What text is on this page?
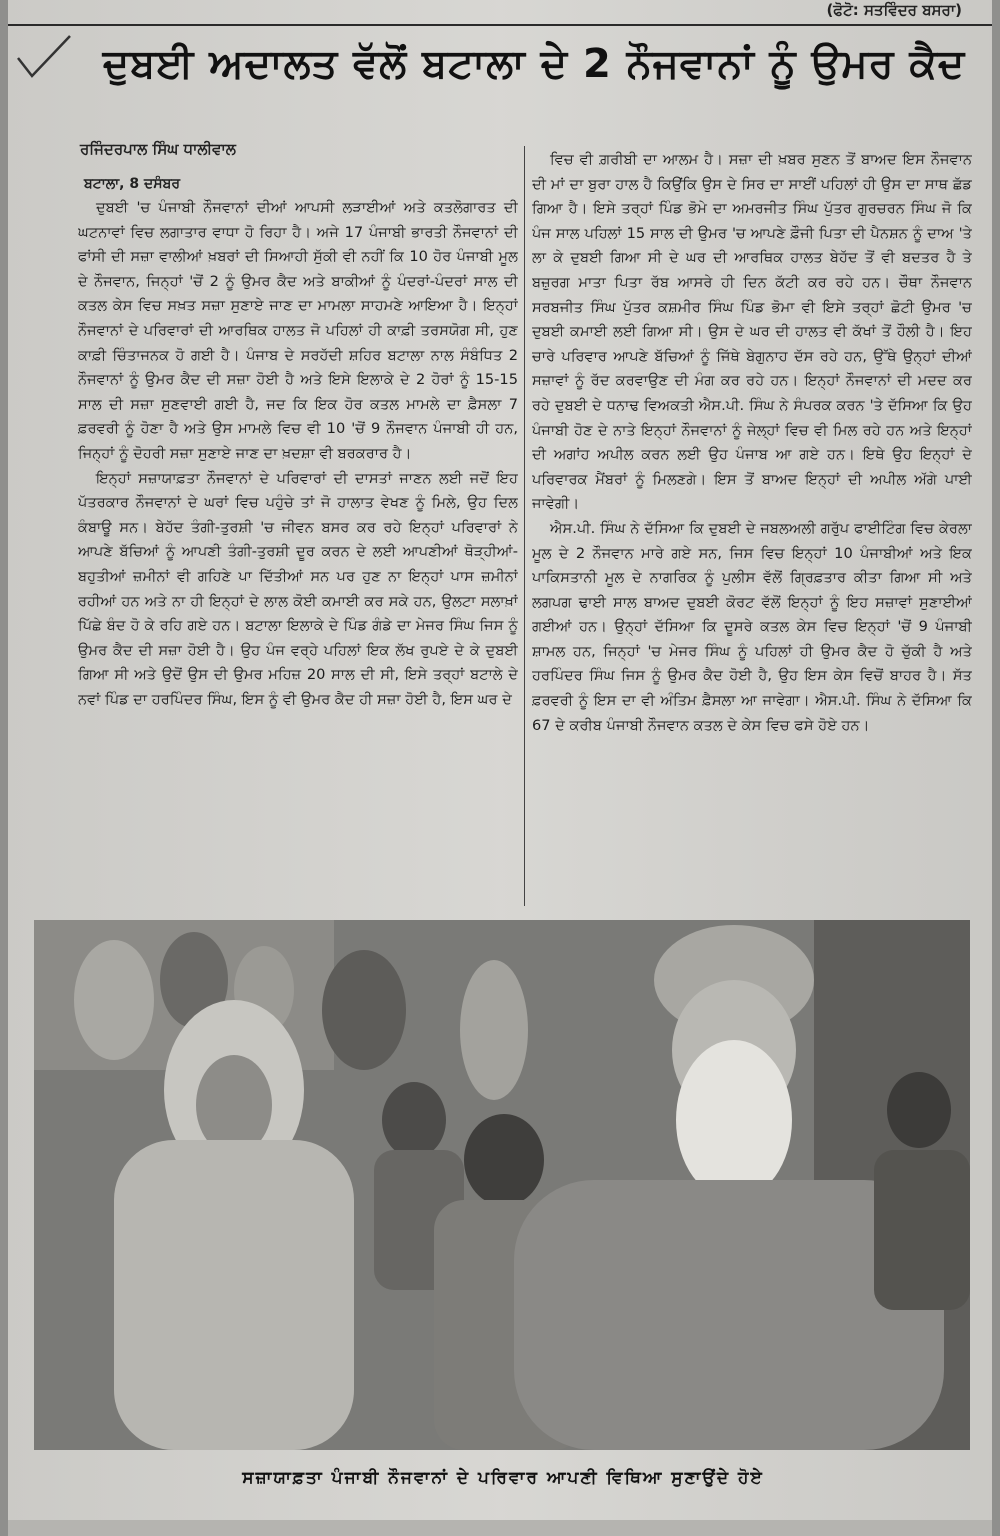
(ਫੋਟੋ: ਸਤਵਿੰਦਰ ਬਸਰਾ)
ਦੁਬਈ ਅਦਾਲਤ ਵੱਲੋਂ ਬਟਾਲਾ ਦੇ 2 ਨੌਜਵਾਨਾਂ ਨੂੰ ਉਮਰ ਕੈਦ
ਰਜਿੰਦਰਪਾਲ ਸਿੰਘ ਧਾਲੀਵਾਲ
ਬਟਾਲਾ, 8 ਦਸੰਬਰ

ਦੁਬਈ 'ਚ ਪੰਜਾਬੀ ਨੌਜਵਾਨਾਂ ਦੀਆਂ ਆਪਸੀ ਲੜਾਈਆਂ ਅਤੇ ਕਤਲੋਗਾਰਤ ਦੀ ਘਟਨਾਵਾਂ ਵਿਚ ਲਗਾਤਾਰ ਵਾਧਾ ਹੋ ਰਿਹਾ ਹੈ। ਅਜੇ 17 ਪੰਜਾਬੀ ਭਾਰਤੀ ਨੌਜਵਾਨਾਂ ਦੀ ਫਾਂਸੀ ਦੀ ਸਜ਼ਾ ਵਾਲੀਆਂ ਖ਼ਬਰਾਂ ਦੀ ਸਿਆਹੀ ਸੁੱਕੀ ਵੀ ਨਹੀਂ ਕਿ 10 ਹੋਰ ਪੰਜਾਬੀ ਮੂਲ ਦੇ ਨੌਜਵਾਨ, ਜਿਨ੍ਹਾਂ 'ਚੋਂ 2 ਨੂੰ ਉਮਰ ਕੈਦ ਅਤੇ ਬਾਕੀਆਂ ਨੂੰ ਪੰਦਰਾਂ-ਪੰਦਰਾਂ ਸਾਲ ਦੀ ਕਤਲ ਕੇਸ ਵਿਚ ਸਖ਼ਤ ਸਜ਼ਾ ਸੁਣਾਏ ਜਾਣ ਦਾ ਮਾਮਲਾ ਸਾਹਮਣੇ ਆਇਆ ਹੈ। ਇਨ੍ਹਾਂ ਨੌਜਵਾਨਾਂ ਦੇ ਪਰਿਵਾਰਾਂ ਦੀ ਆਰਥਿਕ ਹਾਲਤ ਜੋ ਪਹਿਲਾਂ ਹੀ ਕਾਫ਼ੀ ਤਰਸਯੋਗ ਸੀ, ਹੁਣ ਕਾਫ਼ੀ ਚਿੰਤਾਜਨਕ ਹੋ ਗਈ ਹੈ। ਪੰਜਾਬ ਦੇ ਸਰਹੱਦੀ ਸ਼ਹਿਰ ਬਟਾਲਾ ਨਾਲ ਸੰਬੰਧਿਤ 2 ਨੌਜਵਾਨਾਂ ਨੂੰ ਉਮਰ ਕੈਦ ਦੀ ਸਜ਼ਾ ਹੋਈ ਹੈ ਅਤੇ ਇਸੇ ਇਲਾਕੇ ਦੇ 2 ਹੋਰਾਂ ਨੂੰ 15-15 ਸਾਲ ਦੀ ਸਜ਼ਾ ਸੁਣਵਾਈ ਗਈ ਹੈ, ਜਦ ਕਿ ਇਕ ਹੋਰ ਕਤਲ ਮਾਮਲੇ ਦਾ ਫ਼ੈਸਲਾ 7 ਫ਼ਰਵਰੀ ਨੂੰ ਹੋਣਾ ਹੈ ਅਤੇ ਉਸ ਮਾਮਲੇ ਵਿਚ ਵੀ 10 'ਚੋਂ 9 ਨੌਜਵਾਨ ਪੰਜਾਬੀ ਹੀ ਹਨ, ਜਿਨ੍ਹਾਂ ਨੂੰ ਦੋਹਰੀ ਸਜ਼ਾ ਸੁਣਾਏ ਜਾਣ ਦਾ ਖ਼ਦਸ਼ਾ ਵੀ ਬਰਕਰਾਰ ਹੈ।

ਇਨ੍ਹਾਂ ਸਜ਼ਾਯਾਫ਼ਤਾ ਨੌਜਵਾਨਾਂ ਦੇ ਪਰਿਵਾਰਾਂ ਦੀ ਦਾਸਤਾਂ ਜਾਣਨ ਲਈ ਜਦੋਂ ਇਹ ਪੱਤਰਕਾਰ ਨੌਜਵਾਨਾਂ ਦੇ ਘਰਾਂ ਵਿਚ ਪਹੁੰਚੇ ਤਾਂ ਜੋ ਹਾਲਾਤ ਵੇਖਣ ਨੂੰ ਮਿਲੇ, ਉਹ ਦਿਲ ਕੰਬਾਊ ਸਨ। ਬੇਹੱਦ ਤੰਗੀ-ਤੁਰਸ਼ੀ 'ਚ ਜੀਵਨ ਬਸਰ ਕਰ ਰਹੇ ਇਨ੍ਹਾਂ ਪਰਿਵਾਰਾਂ ਨੇ ਆਪਣੇ ਬੱਚਿਆਂ ਨੂੰ ਆਪਣੀ ਤੰਗੀ-ਤੁਰਸ਼ੀ ਦੂਰ ਕਰਨ ਦੇ ਲਈ ਆਪਣੀਆਂ ਥੋੜ੍ਹੀਆਂ-ਬਹੁਤੀਆਂ ਜ਼ਮੀਨਾਂ ਵੀ ਗਹਿਣੇ ਪਾ ਦਿੱਤੀਆਂ ਸਨ ਪਰ ਹੁਣ ਨਾ ਇਨ੍ਹਾਂ ਪਾਸ ਜ਼ਮੀਨਾਂ ਰਹੀਆਂ ਹਨ ਅਤੇ ਨਾ ਹੀ ਇਨ੍ਹਾਂ ਦੇ ਲਾਲ ਕੋਈ ਕਮਾਈ ਕਰ ਸਕੇ ਹਨ, ਉਲਟਾ ਸਲਾਖ਼ਾਂ ਪਿੱਛੇ ਬੰਦ ਹੋ ਕੇ ਰਹਿ ਗਏ ਹਨ। ਬਟਾਲਾ ਇਲਾਕੇ ਦੇ ਪਿੰਡ ਗੰਡੇ ਦਾ ਮੇਜਰ ਸਿੰਘ ਜਿਸ ਨੂੰ ਉਮਰ ਕੈਦ ਦੀ ਸਜ਼ਾ ਹੋਈ ਹੈ। ਉਹ ਪੰਜ ਵਰ੍ਹੇ ਪਹਿਲਾਂ ਇਕ ਲੱਖ ਰੁਪਏ ਦੇ ਕੇ ਦੁਬਈ ਗਿਆ ਸੀ ਅਤੇ ਉਦੋਂ ਉਸ ਦੀ ਉਮਰ ਮਹਿਜ਼ 20 ਸਾਲ ਦੀ ਸੀ, ਇਸੇ ਤਰ੍ਹਾਂ ਬਟਾਲੇ ਦੇ ਨਵਾਂ ਪਿੰਡ ਦਾ ਹਰਪਿੰਦਰ ਸਿੰਘ, ਇਸ ਨੂੰ ਵੀ ਉਮਰ ਕੈਦ ਹੀ ਸਜ਼ਾ ਹੋਈ ਹੈ, ਇਸ ਘਰ ਦੇ

ਵਿਚ ਵੀ ਗ਼ਰੀਬੀ ਦਾ ਆਲਮ ਹੈ। ਸਜ਼ਾ ਦੀ ਖ਼ਬਰ ਸੁਣਨ ਤੋਂ ਬਾਅਦ ਇਸ ਨੌਜਵਾਨ ਦੀ ਮਾਂ ਦਾ ਬੁਰਾ ਹਾਲ ਹੈ ਕਿਉਂਕਿ ਉਸ ਦੇ ਸਿਰ ਦਾ ਸਾਈਂ ਪਹਿਲਾਂ ਹੀ ਉਸ ਦਾ ਸਾਥ ਛੱਡ ਗਿਆ ਹੈ। ਇਸੇ ਤਰ੍ਹਾਂ ਪਿੰਡ ਭੋਮੇ ਦਾ ਅਮਰਜੀਤ ਸਿੰਘ ਪੁੱਤਰ ਗੁਰਚਰਨ ਸਿੰਘ ਜੋ ਕਿ ਪੰਜ ਸਾਲ ਪਹਿਲਾਂ 15 ਸਾਲ ਦੀ ਉਮਰ 'ਚ ਆਪਣੇ ਫ਼ੌਜੀ ਪਿਤਾ ਦੀ ਪੈਨਸ਼ਨ ਨੂੰ ਦਾਅ 'ਤੇ ਲਾ ਕੇ ਦੁਬਈ ਗਿਆ ਸੀ ਦੇ ਘਰ ਦੀ ਆਰਥਿਕ ਹਾਲਤ ਬੇਹੱਦ ਤੋਂ ਵੀ ਬਦਤਰ ਹੈ ਤੇ ਬਜ਼ੁਰਗ ਮਾਤਾ ਪਿਤਾ ਰੱਬ ਆਸਰੇ ਹੀ ਦਿਨ ਕੱਟੀ ਕਰ ਰਹੇ ਹਨ। ਚੌਥਾ ਨੌਜਵਾਨ ਸਰਬਜੀਤ ਸਿੰਘ ਪੁੱਤਰ ਕਸ਼ਮੀਰ ਸਿੰਘ ਪਿੰਡ ਭੋਮਾ ਵੀ ਇਸੇ ਤਰ੍ਹਾਂ ਛੋਟੀ ਉਮਰ 'ਚ ਦੁਬਈ ਕਮਾਈ ਲਈ ਗਿਆ ਸੀ। ਉਸ ਦੇ ਘਰ ਦੀ ਹਾਲਤ ਵੀ ਕੱਖਾਂ ਤੋਂ ਹੌਲੀ ਹੈ। ਇਹ ਚਾਰੇ ਪਰਿਵਾਰ ਆਪਣੇ ਬੱਚਿਆਂ ਨੂੰ ਜਿੱਥੇ ਬੇਗੁਨਾਹ ਦੱਸ ਰਹੇ ਹਨ, ਉੱਥੇ ਉਨ੍ਹਾਂ ਦੀਆਂ ਸਜ਼ਾਵਾਂ ਨੂੰ ਰੱਦ ਕਰਵਾਉਣ ਦੀ ਮੰਗ ਕਰ ਰਹੇ ਹਨ। ਇਨ੍ਹਾਂ ਨੌਜਵਾਨਾਂ ਦੀ ਮਦਦ ਕਰ ਰਹੇ ਦੁਬਈ ਦੇ ਧਨਾਢ ਵਿਅਕਤੀ ਐਸ.ਪੀ. ਸਿੰਘ ਨੇ ਸੰਪਰਕ ਕਰਨ 'ਤੇ ਦੱਸਿਆ ਕਿ ਉਹ ਪੰਜਾਬੀ ਹੋਣ ਦੇ ਨਾਤੇ ਇਨ੍ਹਾਂ ਨੌਜਵਾਨਾਂ ਨੂੰ ਜੇਲ੍ਹਾਂ ਵਿਚ ਵੀ ਮਿਲ ਰਹੇ ਹਨ ਅਤੇ ਇਨ੍ਹਾਂ ਦੀ ਅਗਾਂਹ ਅਪੀਲ ਕਰਨ ਲਈ ਉਹ ਪੰਜਾਬ ਆ ਗਏ ਹਨ। ਇਥੇ ਉਹ ਇਨ੍ਹਾਂ ਦੇ ਪਰਿਵਾਰਕ ਮੈਂਬਰਾਂ ਨੂੰ ਮਿਲਣਗੇ। ਇਸ ਤੋਂ ਬਾਅਦ ਇਨ੍ਹਾਂ ਦੀ ਅਪੀਲ ਅੱਗੇ ਪਾਈ ਜਾਵੇਗੀ।

ਐਸ.ਪੀ. ਸਿੰਘ ਨੇ ਦੱਸਿਆ ਕਿ ਦੁਬਈ ਦੇ ਜਬਲਅਲੀ ਗਰੁੱਪ ਫਾਈਟਿੰਗ ਵਿਚ ਕੇਰਲਾ ਮੂਲ ਦੇ 2 ਨੌਜਵਾਨ ਮਾਰੇ ਗਏ ਸਨ, ਜਿਸ ਵਿਚ ਇਨ੍ਹਾਂ 10 ਪੰਜਾਬੀਆਂ ਅਤੇ ਇਕ ਪਾਕਿਸਤਾਨੀ ਮੂਲ ਦੇ ਨਾਗਰਿਕ ਨੂੰ ਪੁਲੀਸ ਵੱਲੋਂ ਗ੍ਰਿਫ਼ਤਾਰ ਕੀਤਾ ਗਿਆ ਸੀ ਅਤੇ ਲਗਪਗ ਢਾਈ ਸਾਲ ਬਾਅਦ ਦੁਬਈ ਕੋਰਟ ਵੱਲੋਂ ਇਨ੍ਹਾਂ ਨੂੰ ਇਹ ਸਜ਼ਾਵਾਂ ਸੁਣਾਈਆਂ ਗਈਆਂ ਹਨ। ਉਨ੍ਹਾਂ ਦੱਸਿਆ ਕਿ ਦੂਸਰੇ ਕਤਲ ਕੇਸ ਵਿਚ ਇਨ੍ਹਾਂ 'ਚੋਂ 9 ਪੰਜਾਬੀ ਸ਼ਾਮਲ ਹਨ, ਜਿਨ੍ਹਾਂ 'ਚ ਮੇਜਰ ਸਿੰਘ ਨੂੰ ਪਹਿਲਾਂ ਹੀ ਉਮਰ ਕੈਦ ਹੋ ਚੁੱਕੀ ਹੈ ਅਤੇ ਹਰਪਿੰਦਰ ਸਿੰਘ ਜਿਸ ਨੂੰ ਉਮਰ ਕੈਦ ਹੋਈ ਹੈ, ਉਹ ਇਸ ਕੇਸ ਵਿਚੋਂ ਬਾਹਰ ਹੈ। ਸੱਤ ਫ਼ਰਵਰੀ ਨੂੰ ਇਸ ਦਾ ਵੀ ਅੰਤਿਮ ਫ਼ੈਸਲਾ ਆ ਜਾਵੇਗਾ। ਐਸ.ਪੀ. ਸਿੰਘ ਨੇ ਦੱਸਿਆ ਕਿ 67 ਦੇ ਕਰੀਬ ਪੰਜਾਬੀ ਨੌਜਵਾਨ ਕਤਲ ਦੇ ਕੇਸ ਵਿਚ ਫਸੇ ਹੋਏ ਹਨ।

ਸਜ਼ਾਯਾਫ਼ਤਾ ਪੰਜਾਬੀ ਨੌਜਵਾਨਾਂ ਦੇ ਪਰਿਵਾਰ ਆਪਣੀ ਵਿਥਿਆ ਸੁਣਾਉਂਦੇ ਹੋਏ
